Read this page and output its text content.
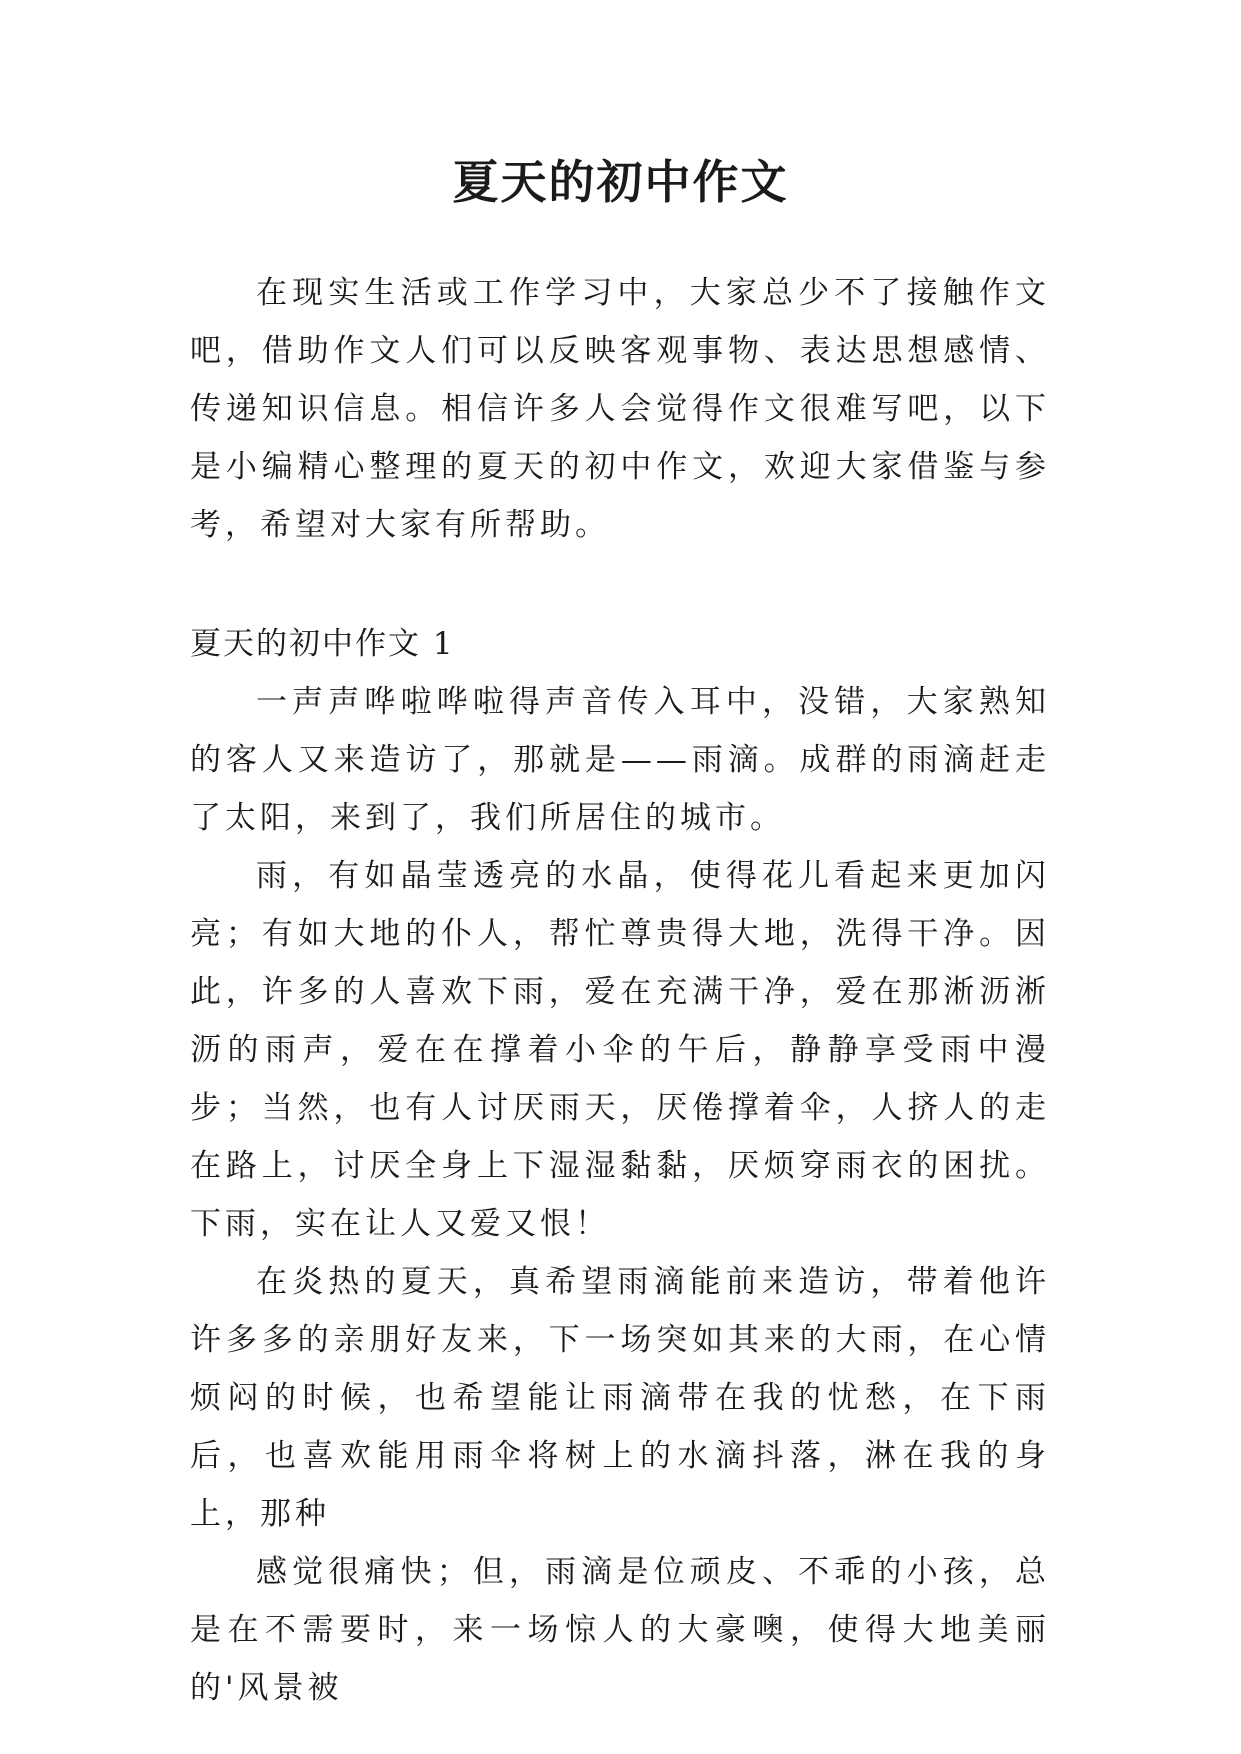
夏天的初中作文

在现实生活或工作学习中，大家总少不了接触作文吧，借助作文人们可以反映客观事物、表达思想感情、传递知识信息。相信许多人会觉得作文很难写吧，以下是小编精心整理的夏天的初中作文，欢迎大家借鉴与参考，希望对大家有所帮助。

夏天的初中作文 1

一声声哗啦哗啦得声音传入耳中，没错，大家熟知的客人又来造访了，那就是——雨滴。成群的雨滴赶走了太阳，来到了，我们所居住的城市。

雨，有如晶莹透亮的水晶，使得花儿看起来更加闪亮；有如大地的仆人，帮忙尊贵得大地，洗得干净。因此，许多的人喜欢下雨，爱在充满干净，爱在那淅沥淅沥的雨声，爱在在撑着小伞的午后，静静享受雨中漫步；当然，也有人讨厌雨天，厌倦撑着伞，人挤人的走在路上，讨厌全身上下湿湿黏黏，厌烦穿雨衣的困扰。下雨，实在让人又爱又恨！

在炎热的夏天，真希望雨滴能前来造访，带着他许许多多的亲朋好友来，下一场突如其来的大雨，在心情烦闷的时候，也希望能让雨滴带在我的忧愁，在下雨后，也喜欢能用雨伞将树上的水滴抖落，淋在我的身上，那种

感觉很痛快；但，雨滴是位顽皮、不乖的小孩，总是在不需要时，来一场惊人的大豪噢，使得大地美丽的'风景被
